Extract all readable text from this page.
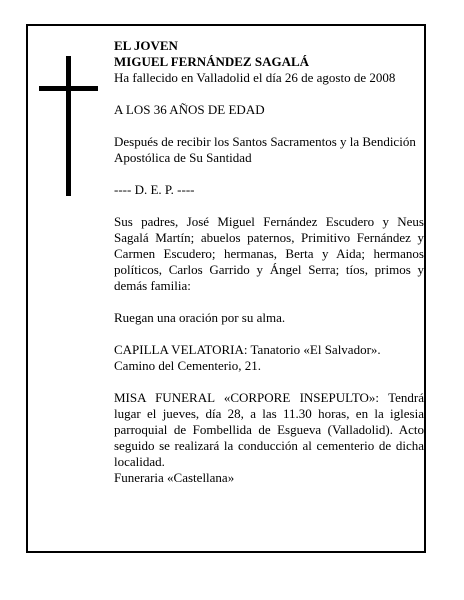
EL JOVEN

MIGUEL FERNÁNDEZ SAGALÁ

Ha fallecido en Valladolid el día 26 de agosto de 2008

A LOS 36 AÑOS DE EDAD

Después de recibir los Santos Sacramentos y la Bendición Apostólica de Su Santidad

---- D. E. P. ----

Sus padres, José Miguel Fernández Escudero y Neus Sagalá Martín; abuelos paternos, Primitivo Fernández y Carmen Escudero; hermanas, Berta y Aida; hermanos políticos, Carlos Garrido y Ángel Serra; tíos, primos y demás familia:

Ruegan una oración por su alma.

CAPILLA VELATORIA: Tanatorio «El Salvador».

Camino del Cementerio, 21.

MISA FUNERAL «CORPORE INSEPULTO»: Tendrá lugar el jueves, día 28, a las 11.30 horas, en la iglesia parroquial de Fombellida de Esgueva (Valladolid). Acto seguido se realizará la conducción al cementerio de dicha localidad.

Funeraria «Castellana»
